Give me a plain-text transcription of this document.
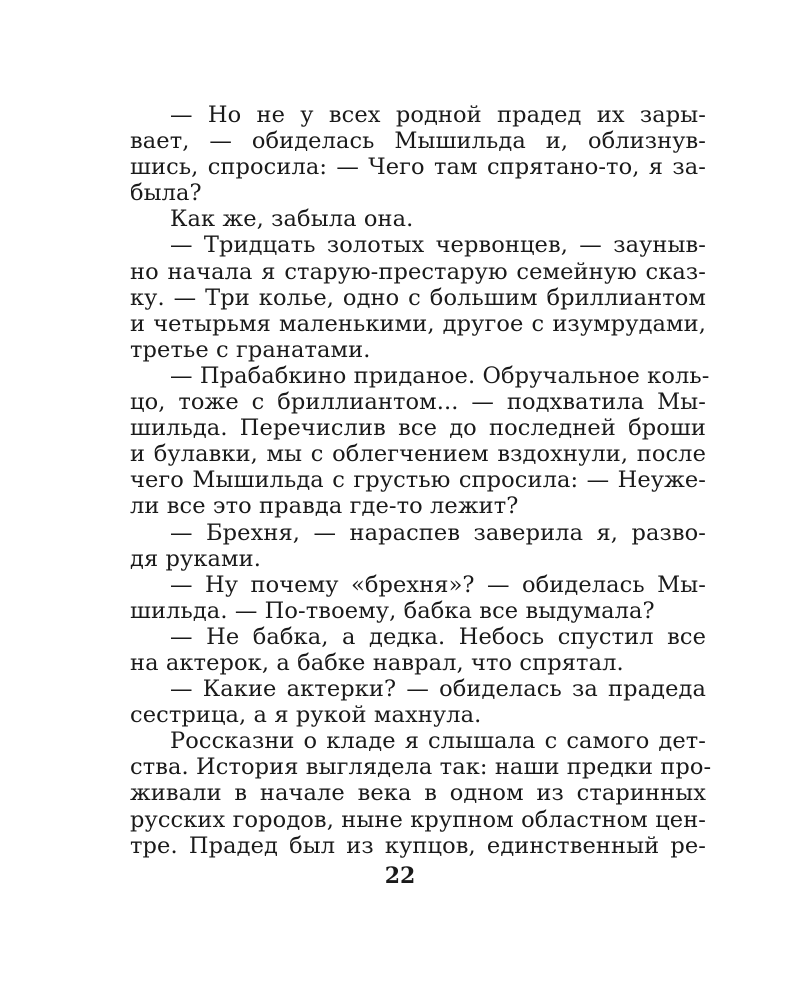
— Но не у всех родной прадед их зары-
вает, — обиделась Мышильда и, облизнув-
шись, спросила: — Чего там спрятано-то, я за-
была?
Как же, забыла она.
— Тридцать золотых червонцев, — зауныв-
но начала я старую-престарую семейную сказ-
ку. — Три колье, одно с большим бриллиантом
и четырьмя маленькими, другое с изумрудами,
третье с гранатами.
— Прабабкино приданое. Обручальное коль-
цо, тоже с бриллиантом... — подхватила Мы-
шильда. Перечислив все до последней броши
и булавки, мы с облегчением вздохнули, после
чего Мышильда с грустью спросила: — Неуже-
ли все это правда где-то лежит?
— Брехня, — нараспев заверила я, разво-
дя руками.
— Ну почему «брехня»? — обиделась Мы-
шильда. — По-твоему, бабка все выдумала?
— Не бабка, а дедка. Небось спустил все
на актерок, а бабке наврал, что спрятал.
— Какие актерки? — обиделась за прадеда
сестрица, а я рукой махнула.
Россказни о кладе я слышала с самого дет-
ства. История выглядела так: наши предки про-
живали в начале века в одном из старинных
русских городов, ныне крупном областном цен-
тре. Прадед был из купцов, единственный ре-
22
